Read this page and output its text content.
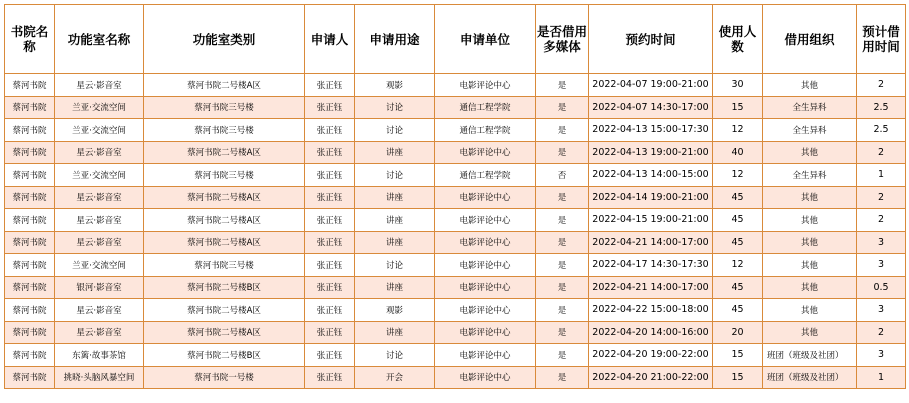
书院名称	功能室名称	功能室类别	申请人	申请用途	申请单位	是否借用多媒体	预约时间	使用人数	借用组织	预计借用时间
蔡河书院	星云·影音室	蔡河书院二号楼A区	张正钰	观影	电影评论中心	是	2022-04-07 19:00-21:00	30	其他	2
蔡河书院	兰亚·交流空间	蔡河书院三号楼	张正钰	讨论	通信工程学院	是	2022-04-07 14:30-17:00	15	全生异科	2.5
蔡河书院	兰亚·交流空间	蔡河书院三号楼	张正钰	讨论	通信工程学院	是	2022-04-13 15:00-17:30	12	全生异科	2.5
蔡河书院	星云·影音室	蔡河书院二号楼A区	张正钰	讲座	电影评论中心	是	2022-04-13 19:00-21:00	40	其他	2
蔡河书院	兰亚·交流空间	蔡河书院三号楼	张正钰	讨论	通信工程学院	否	2022-04-13 14:00-15:00	12	全生异科	1
蔡河书院	星云·影音室	蔡河书院二号楼A区	张正钰	讲座	电影评论中心	是	2022-04-14 19:00-21:00	45	其他	2
蔡河书院	星云·影音室	蔡河书院二号楼A区	张正钰	讲座	电影评论中心	是	2022-04-15 19:00-21:00	45	其他	2
蔡河书院	星云·影音室	蔡河书院二号楼A区	张正钰	讲座	电影评论中心	是	2022-04-21 14:00-17:00	45	其他	3
蔡河书院	兰亚·交流空间	蔡河书院三号楼	张正钰	讨论	电影评论中心	是	2022-04-17 14:30-17:30	12	其他	3
蔡河书院	银河·影音室	蔡河书院二号楼B区	张正钰	讲座	电影评论中心	是	2022-04-21 14:00-17:00	45	其他	0.5
蔡河书院	星云·影音室	蔡河书院二号楼A区	张正钰	观影	电影评论中心	是	2022-04-22 15:00-18:00	45	其他	3
蔡河书院	星云·影音室	蔡河书院二号楼A区	张正钰	讲座	电影评论中心	是	2022-04-20 14:00-16:00	20	其他	2
蔡河书院	东篱·故事茶馆	蔡河书院二号楼B区	张正钰	讨论	电影评论中心	是	2022-04-20 19:00-22:00	15	班团（班级及社团）	3
蔡河书院	挑晓·头脑风暴空间	蔡河书院一号楼	张正钰	开会	电影评论中心	是	2022-04-20 21:00-22:00	15	班团（班级及社团）	1
